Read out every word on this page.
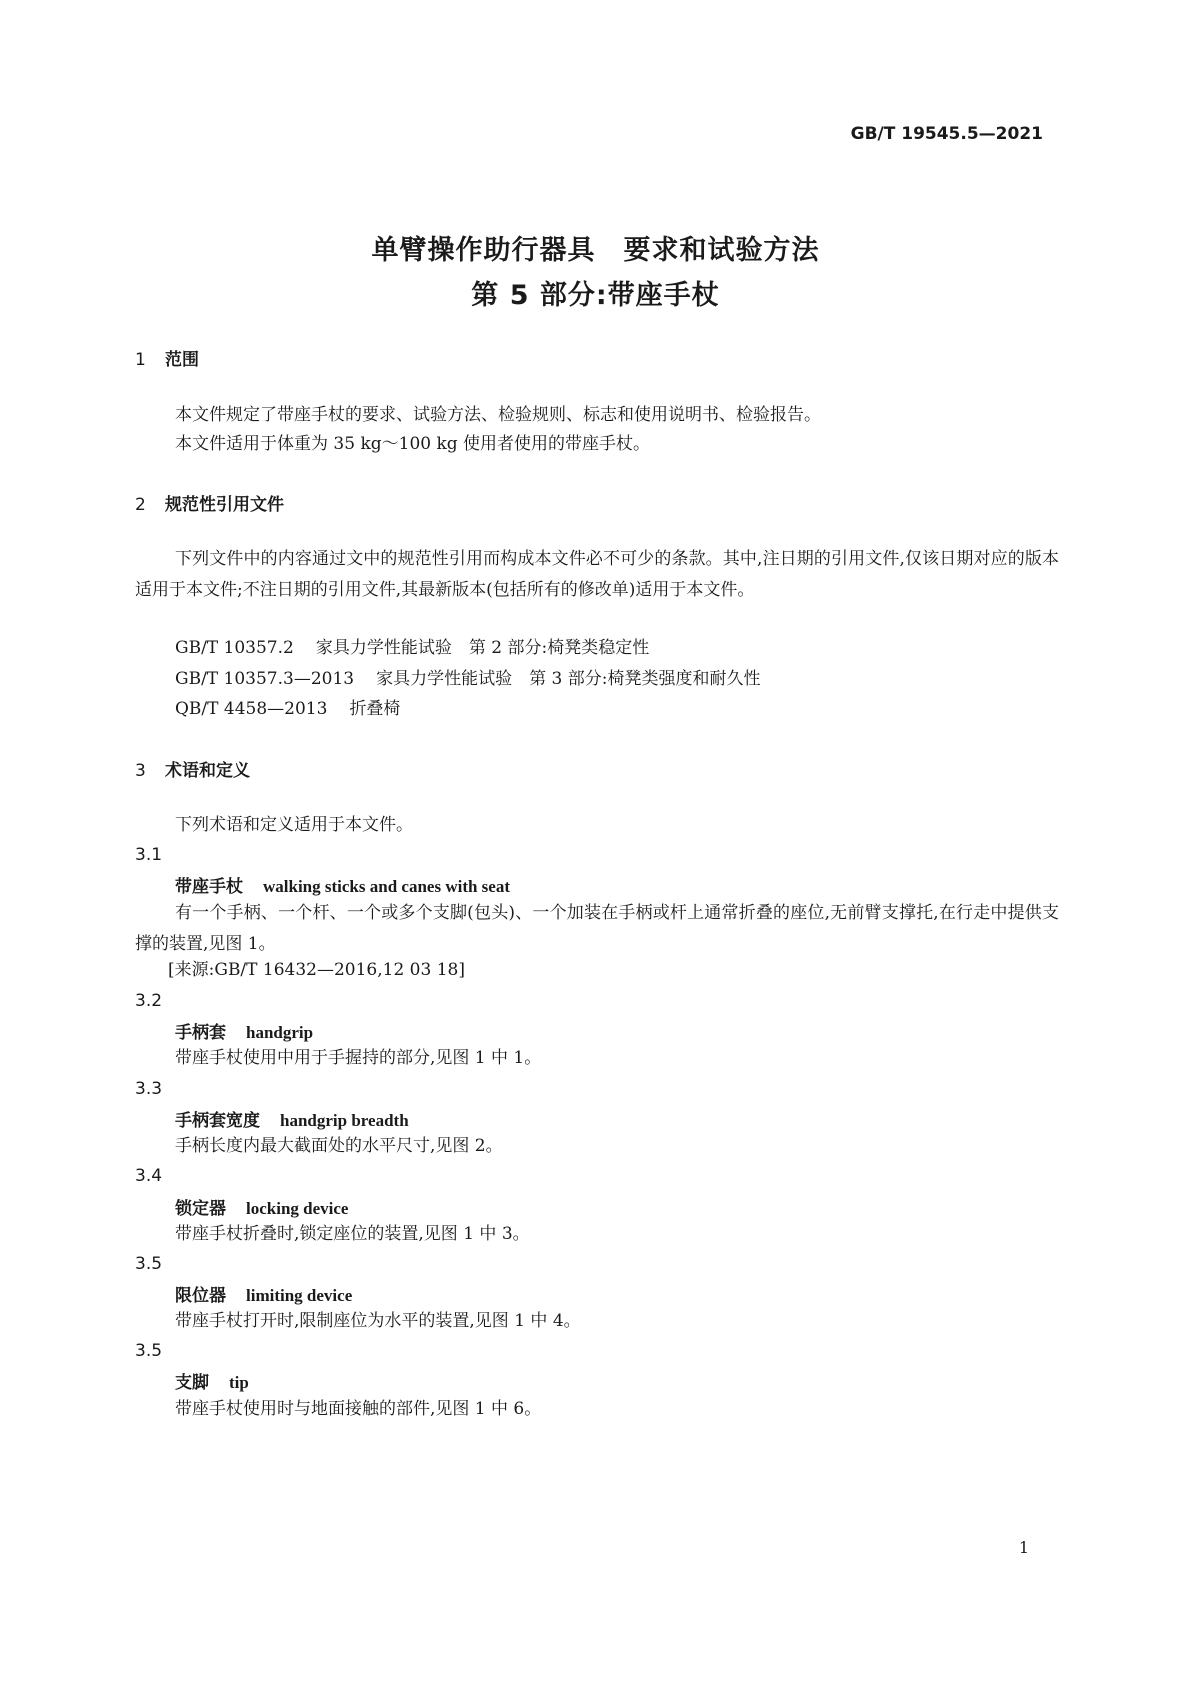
GB/T 19545.5—2021
单臂操作助行器具　要求和试验方法
第 5 部分:带座手杖
1 范围
本文件规定了带座手杖的要求、试验方法、检验规则、标志和使用说明书、检验报告。
本文件适用于体重为 35 kg～100 kg 使用者使用的带座手杖。
2 规范性引用文件
下列文件中的内容通过文中的规范性引用而构成本文件必不可少的条款。其中,注日期的引用文件,仅该日期对应的版本适用于本文件;不注日期的引用文件,其最新版本(包括所有的修改单)适用于本文件。
GB/T 10357.2 家具力学性能试验　第 2 部分:椅凳类稳定性
GB/T 10357.3—2013 家具力学性能试验　第 3 部分:椅凳类强度和耐久性
QB/T 4458—2013 折叠椅
3 术语和定义
下列术语和定义适用于本文件。
3.1
带座手杖 walking sticks and canes with seat
有一个手柄、一个杆、一个或多个支脚(包头)、一个加装在手柄或杆上通常折叠的座位,无前臂支撑托,在行走中提供支撑的装置,见图 1。
[来源:GB/T 16432—2016,12 03 18]
3.2
手柄套 handgrip
带座手杖使用中用于手握持的部分,见图 1 中 1。
3.3
手柄套宽度 handgrip breadth
手柄长度内最大截面处的水平尺寸,见图 2。
3.4
锁定器 locking device
带座手杖折叠时,锁定座位的装置,见图 1 中 3。
3.5
限位器 limiting device
带座手杖打开时,限制座位为水平的装置,见图 1 中 4。
3.5
支脚 tip
带座手杖使用时与地面接触的部件,见图 1 中 6。
1
